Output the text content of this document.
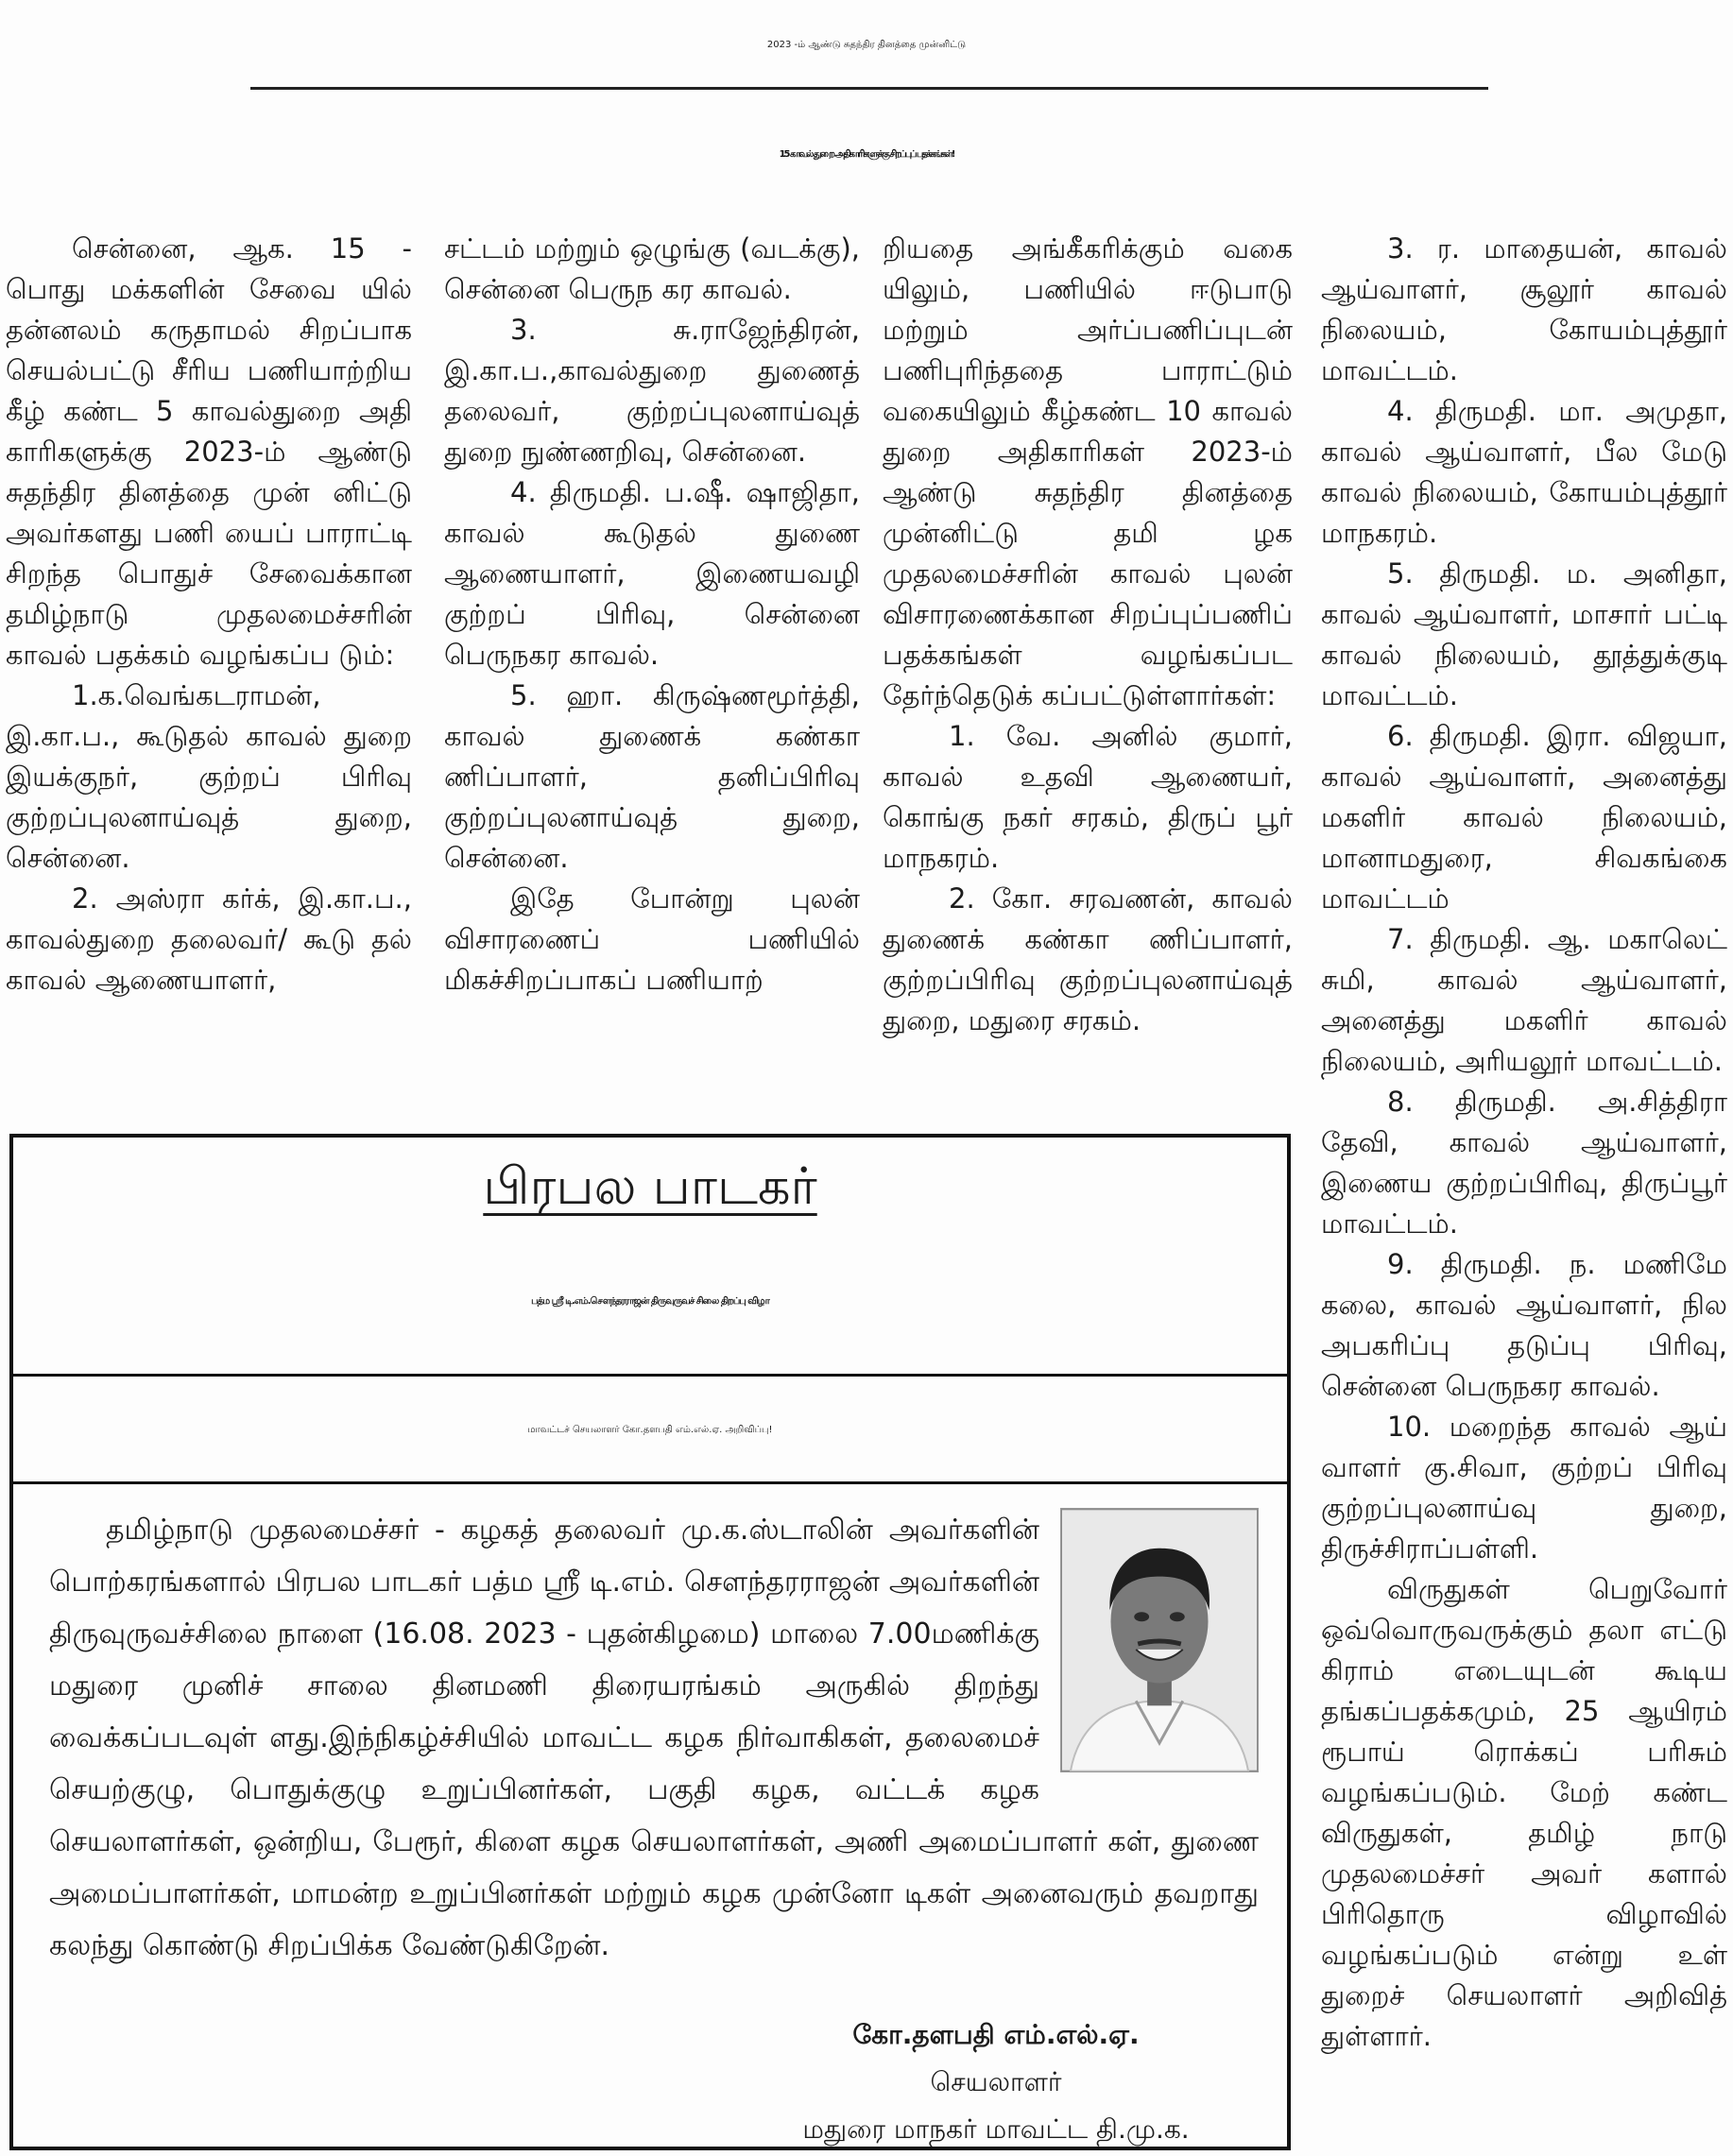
2023 -ம் ஆண்டு சுதந்திர தினத்தை முன்னிட்டு
15 காவல் துறை அதிகாரிகளுக்கு சிறப்புப் பதக்கங்கள்!

சென்னை, ஆக. 15 - பொது மக்களின் சேவை யில் தன்னலம் கருதாமல் சிறப்பாக செயல்பட்டு சீரிய பணியாற்றிய கீழ் கண்ட 5 காவல்துறை அதி காரிகளுக்கு 2023-ம் ஆண்டு சுதந்திர தினத்தை முன் னிட்டு அவர்களது பணி யைப் பாராட்டி சிறந்த பொதுச் சேவைக்கான தமிழ்நாடு முதலமைச்சரின் காவல் பதக்கம் வழங்கப்ப டும்:

1.க.வெங்கடராமன், இ.கா.ப., கூடுதல் காவல் துறை இயக்குநர், குற்றப் பிரிவு குற்றப்புலனாய்வுத் துறை, சென்னை.

2. அஸ்ரா கர்க், இ.கா.ப., காவல்துறை தலைவர்/ கூடு தல் காவல் ஆணையாளர்,

சட்டம் மற்றும் ஒழுங்கு (வடக்கு), சென்னை பெருந கர காவல்.

3. சு.ராஜேந்திரன், இ.கா.ப.,காவல்துறை துணைத் தலைவர், குற்றப்புலனாய்வுத் துறை நுண்ணறிவு, சென்னை.

4. திருமதி. ப.ஷீ. ஷாஜிதா, காவல் கூடுதல் துணை ஆணையாளர், இணையவழி குற்றப் பிரிவு, சென்னை பெருநகர காவல்.

5. ஹா. கிருஷ்ணமூர்த்தி, காவல் துணைக் கண்கா ணிப்பாளர், தனிப்பிரிவு குற்றப்புலனாய்வுத் துறை, சென்னை.

இதே போன்று புலன் விசாரணைப் பணியில் மிகச்சிறப்பாகப் பணியாற்

றியதை அங்கீகரிக்கும் வகை யிலும், பணியில் ஈடுபாடு மற்றும் அர்ப்பணிப்புடன் பணிபுரிந்ததை பாராட்டும் வகையிலும் கீழ்கண்ட 10 காவல் துறை அதிகாரிகள் 2023-ம் ஆண்டு சுதந்திர தினத்தை முன்னிட்டு தமி ழக முதலமைச்சரின் காவல் புலன் விசாரணைக்கான சிறப்புப்பணிப் பதக்கங்கள் வழங்கப்பட தேர்ந்தெடுக் கப்பட்டுள்ளார்கள்:

1. வே. அனில் குமார், காவல் உதவி ஆணையர், கொங்கு நகர் சரகம், திருப் பூர் மாநகரம்.

2. கோ. சரவணன், காவல் துணைக் கண்கா ணிப்பாளர், குற்றப்பிரிவு குற்றப்புலனாய்வுத் துறை, மதுரை சரகம்.

3. ர. மாதையன், காவல் ஆய்வாளர், சூலூர் காவல் நிலையம், கோயம்புத்தூர் மாவட்டம்.

4. திருமதி. மா. அமுதா, காவல் ஆய்வாளர், பீல மேடு காவல் நிலையம், கோயம்புத்தூர் மாநகரம்.

5. திருமதி. ம. அனிதா, காவல் ஆய்வாளர், மாசார் பட்டி காவல் நிலையம், தூத்துக்குடி மாவட்டம்.

6. திருமதி. இரா. விஜயா, காவல் ஆய்வாளர், அனைத்து மகளிர் காவல் நிலையம், மானாமதுரை, சிவகங்கை மாவட்டம்

7. திருமதி. ஆ. மகாலெட் சுமி, காவல் ஆய்வாளர், அனைத்து மகளிர் காவல் நிலையம், அரியலூர் மாவட்டம்.

8. திருமதி. அ.சித்திரா தேவி, காவல் ஆய்வாளர், இணைய குற்றப்பிரிவு, திருப்பூர் மாவட்டம்.

9. திருமதி. ந. மணிமே கலை, காவல் ஆய்வாளர், நில அபகரிப்பு தடுப்பு பிரிவு, சென்னை பெருநகர காவல்.

10. மறைந்த காவல் ஆய் வாளர் கு.சிவா, குற்றப் பிரிவு குற்றப்புலனாய்வு துறை, திருச்சிராப்பள்ளி.

விருதுகள் பெறுவோர் ஒவ்வொருவருக்கும் தலா எட்டு கிராம் எடையுடன் கூடிய தங்கப்பதக்கமும், 25 ஆயிரம் ரூபாய் ரொக்கப் பரிசும் வழங்கப்படும். மேற் கண்ட விருதுகள், தமிழ் நாடு முதலமைச்சர் அவர் களால் பிரிதொரு விழாவில் வழங்கப்படும் என்று உள் துறைச் செயலாளர் அறிவித் துள்ளார்.

பிரபல பாடகர்
பத்ம ஸ்ரீ டி.எம்.சௌந்தரராஜன் திருவுருவச் சிலை திறப்பு விழா
மாவட்டச் செயலாளர் கோ.தளபதி எம்.எல்.ஏ. அறிவிப்பு!

தமிழ்நாடு முதலமைச்சர் - கழகத் தலைவர் மு.க.ஸ்டாலின் அவர்களின் பொற்கரங்களால் பிரபல பாடகர் பத்ம ஸ்ரீ டி.எம். சௌந்தரராஜன் அவர்களின் திருவுருவச்சிலை நாளை (16.08. 2023 - புதன்கிழமை) மாலை 7.00மணிக்கு மதுரை முனிச் சாலை தினமணி திரையரங்கம் அருகில் திறந்து வைக்கப்படவுள் ளது.இந்நிகழ்ச்சியில் மாவட்ட கழக நிர்வாகிகள், தலைமைச் செயற்குழு, பொதுக்குழு உறுப்பினர்கள், பகுதி கழக, வட்டக் கழக செயலாளர்கள், ஒன்றிய, பேரூர், கிளை கழக செயலாளர்கள், அணி அமைப்பாளர் கள், துணை அமைப்பாளர்கள், மாமன்ற உறுப்பினர்கள் மற்றும் கழக முன்னோ டிகள் அனைவரும் தவறாது கலந்து கொண்டு சிறப்பிக்க வேண்டுகிறேன்.

கோ.தளபதி எம்.எல்.ஏ.
செயலாளர்
மதுரை மாநகர் மாவட்ட தி.மு.க.
